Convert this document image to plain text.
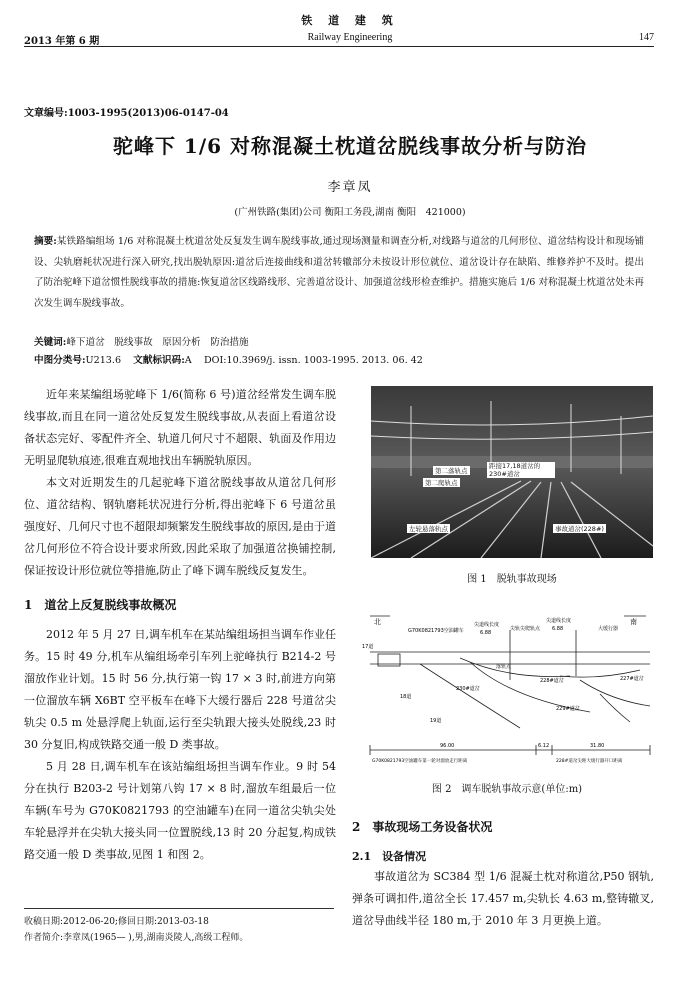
铁 道 建 筑
2013 年第 6 期	Railway Engineering	147
文章编号:1003-1995(2013)06-0147-04
驼峰下 1/6 对称混凝土枕道岔脱线事故分析与防治
李章凤
(广州铁路(集团)公司 衡阳工务段,湖南 衡阳　421000)
摘要:某铁路编组场 1/6 对称混凝土枕道岔处反复发生调车脱线事故,通过现场测量和调查分析,对线路与道岔的几何形位、道岔结构设计和现场铺设、尖轨磨耗状况进行深入研究,找出脱轨原因:道岔后连接曲线和道岔转辙部分未按设计形位就位、道岔设计存在缺陷、维修养护不及时。提出了防治驼峰下道岔惯性脱线事故的措施:恢复道岔区线路线形、完善道岔设计、加强道岔线形检查维护。措施实施后 1/6 对称混凝土枕道岔处未再次发生调车脱线事故。
关键词:峰下道岔　脱线事故　原因分析　防治措施
中图分类号:U213.6 文献标识码:A DOI:10.3969/j. issn. 1003-1995. 2013. 06. 42

近年来某编组场驼峰下 1/6(简称 6 号)道岔经常发生调车脱线事故,而且在同一道岔处反复发生脱线事故,从表面上看道岔设备状态完好、零配件齐全、轨道几何尺寸不超限、轨面及作用边无明显爬轨痕迹,很难直观地找出车辆脱轨原因。

本文对近期发生的几起驼峰下道岔脱线事故从道岔几何形位、道岔结构、钢轨磨耗状况进行分析,得出驼峰下 6 号道岔虽强度好、几何尺寸也不超限却频繁发生脱线事故的原因,是由于道岔几何形位不符合设计要求所致,因此采取了加强道岔换铺控制,保证按设计形位就位等措施,防止了峰下调车脱线反复发生。

1　道岔上反复脱线事故概况

2012 年 5 月 27 日,调车机车在某站编组场担当调车作业任务。15 时 49 分,机车从编组场牵引车列上驼峰执行 B214-2 号溜放作业计划。15 时 56 分,执行第一钩 17 × 3 时,前进方向第一位溜放车辆 X6BT 空平板车在峰下大缓行器后 228 号道岔尖轨尖 0.5 m 处悬浮爬上轨面,运行至尖轨跟大接头处脱线,23 时 30 分复旧,构成铁路交通一般 D 类事故。

5 月 28 日,调车机车在该站编组场担当调车作业。9 时 54 分在执行 B203-2 号计划第八钩 17 × 8 时,溜放车组最后一位车辆(车号为 G70K0821793 的空油罐车)在同一道岔尖轨尖处车轮悬浮并在尖轨大接头同一位置脱线,13 时 20 分起复,构成铁路交通一般 D 类事故,见图 1 和图 2。

收稿日期:2012-06-20;修回日期:2013-03-18
作者简介:李章凤(1965— ),男,湖南炎陵人,高级工程师。
第二落轨点
第二爬轨点
距接17,18道岔的230#道岔
左轮悬落轨点	事故道岔(228#)
图 1　脱轨事故现场
北	南
G70K0821793空油罐车
尖道线长度
6.88
尖轨尖爬轨点
尖道线长度
6.88	大缓行器
17道
18道
19道
落轨点
230#道岔
228#道岔	227#道岔
229#道岔
96.00	6.12	31.80
G70K0821793空油罐车第一轮对溜放走行距离	228#道岔尖距大缓行器开口距离
图 2　调车脱轨事故示意(单位:m)
2　事故现场工务设备状况
2.1　设备情况

事故道岔为 SC384 型 1/6 混凝土枕对称道岔,P50 钢轨,弹条可调扣件,道岔全长 17.457 m,尖轨长 4.63 m,整铸辙叉,道岔导曲线半径 180 m,于 2010 年 3 月更换上道。
